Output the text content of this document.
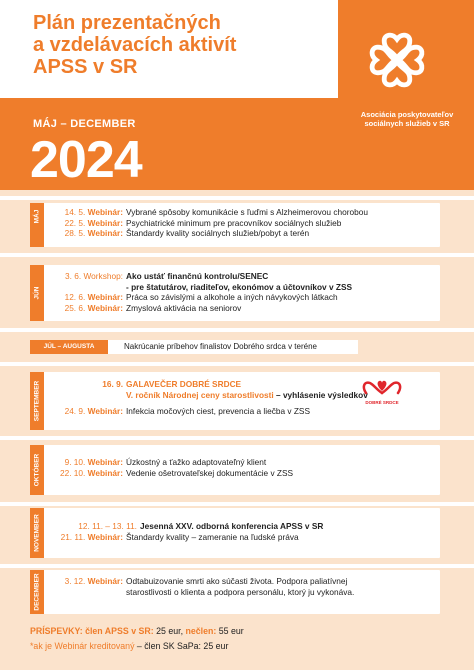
Plán prezentačných
a vzdelávacích aktivít
APSS v SR
MÁJ – DECEMBER
2024
Asociácia poskytovateľov
sociálnych služieb v SR
MÁJ	14. 5. Webinár: Vybrané spôsoby komunikácie s ľuďmi s Alzheimerovou chorobou
22. 5. Webinár: Psychiatrické minimum pre pracovníkov sociálnych služieb
28. 5. Webinár: Štandardy kvality sociálnych služieb/pobyt a terén
JÚN
3. 6. Workshop: Ako ustáť finančnú kontrolu/SENEC
- pre štatutárov, riaditeľov, ekonómov a účtovníkov v ZSS
12. 6. Webinár: Práca so závislými a alkohole a iných návykových látkach
25. 6. Webinár: Zmyslová aktivácia na seniorov
JÚL – AUGUSTA	Nakrúcanie príbehov finalistov Dobrého srdca v teréne
SEPTEMBER	16. 9. GALAVEČER DOBRÉ SRDCE
V. ročník Národnej ceny starostlivosti – vyhlásenie výsledkov
24. 9. Webinár: Infekcia močových ciest, prevencia a liečba v ZSS
DOBRÉ SRDCE
OKTÓBER	9. 10. Webinár: Úzkostný a ťažko adaptovateľný klient
22. 10. Webinár: Vedenie ošetrovateľskej dokumentácie v ZSS
NOVEMBER	12. 11. – 13. 11. Jesenná XXV. odborná konferencia APSS v SR
21. 11. Webinár: Štandardy kvality – zameranie na ľudské práva
DECEMBER	3. 12. Webinár: Odtabuizovanie smrti ako súčasti života. Podpora paliatívnej
starostlivosti o klienta a podpora personálu, ktorý ju vykonáva.
PRÍSPEVKY: člen APSS v SR: 25 eur, nečlen: 55 eur
*ak je Webinár kreditovaný – člen SK SaPa: 25 eur
